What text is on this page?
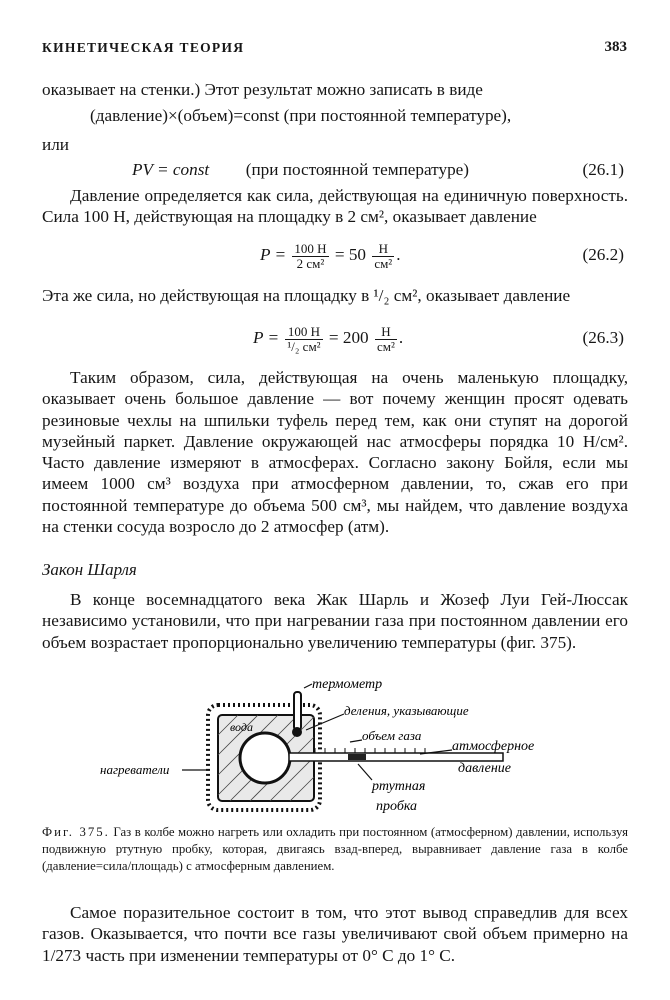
КИНЕТИЧЕСКАЯ ТЕОРИЯ	383
оказывает на стенки.) Этот результат можно записать в виде
(давление)×(объем)=const (при постоянной температуре),
или
PV = const (при постоянной температуре)	(26.1)
Давление определяется как сила, действующая на единичную поверхность. Сила 100 Н, действующая на площадку в 2 см², оказывает давление
$P = \frac{100 Н}{\text{2 см²}} = 50 \frac{Н}{\text{см²}}$ .	(26.2)
Эта же сила, но действующая на площадку в ¹/₂ см², оказывает давление
$P = \frac{100 Н}{\text{¹/₂ см²}} = 200 \frac{Н}{\text{см²}}$ .	(26.3)
Таким образом, сила, действующая на очень маленькую площадку, оказывает очень большое давление — вот почему женщин просят одевать резиновые чехлы на шпильки туфель перед тем, как они ступят на дорогой музейный паркет. Давление окружающей нас атмосферы порядка 10 Н/см². Часто давление измеряют в атмосферах. Согласно закону Бойля, если мы имеем 1000 см³ воздуха при атмосферном давлении, то, сжав его при постоянной температуре до объема 500 см³, мы найдем, что давление воздуха на стенки сосуда возросло до 2 атмосфер (атм).
Закон Шарля
В конце восемнадцатого века Жак Шарль и Жозеф Луи Гей-Люссак независимо установили, что при нагревании газа при постоянном давлении его объем возрастает пропорционально увеличению температуры (фиг. 375).
термометр
деления, указывающие
объем газа
вода
нагреватели
атмосферное
давление
ртутная
пробка
Фиг. 375. Газ в колбе можно нагреть или охладить при постоянном (атмосферном) давлении, используя подвижную ртутную пробку, которая, двигаясь взад-вперед, выравнивает давление газа в колбе (давление=сила/площадь) с атмосферным давлением.
Самое поразительное состоит в том, что этот вывод справедлив для всех газов. Оказывается, что почти все газы увеличивают свой объем примерно на 1/273 часть при изменении температуры от 0° С до 1° С.
